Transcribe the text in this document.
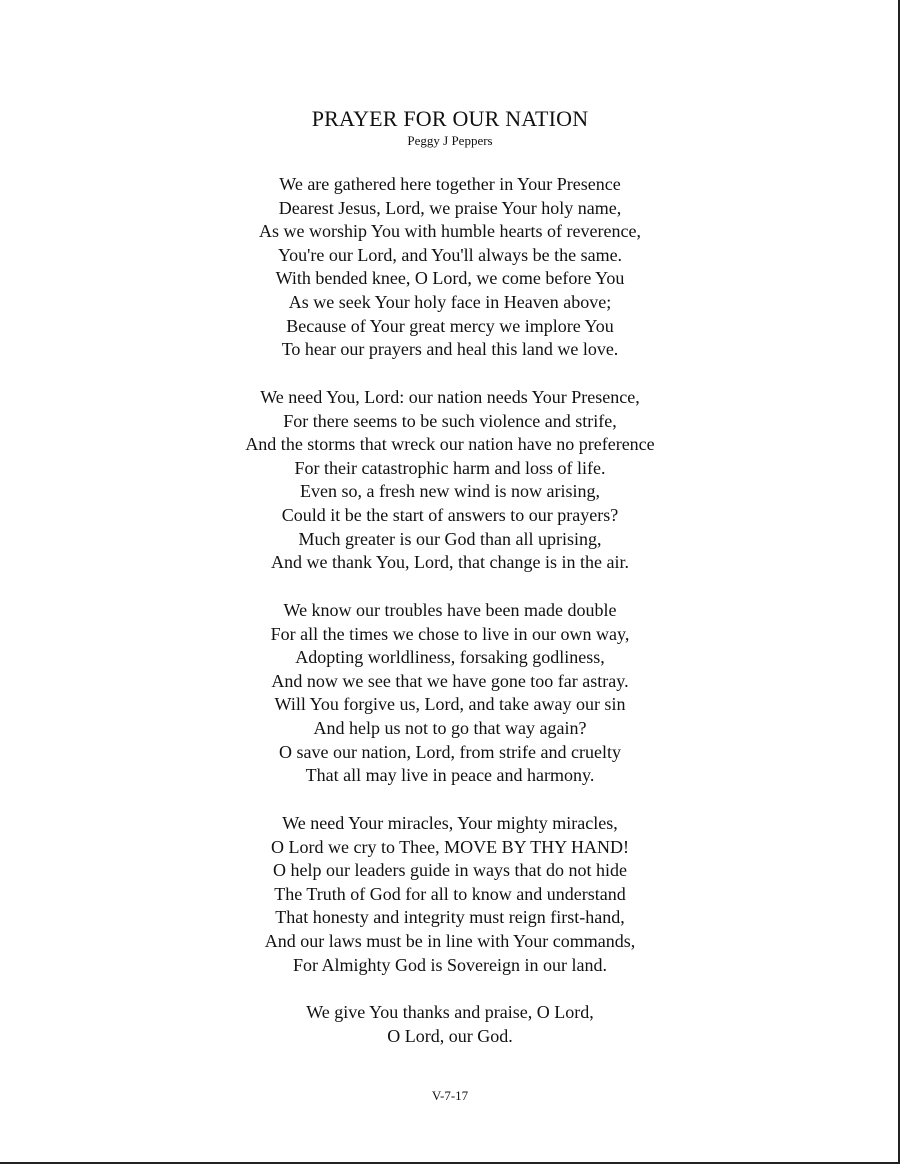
PRAYER FOR OUR NATION
Peggy J Peppers
We are gathered here together in Your Presence
Dearest Jesus, Lord, we praise Your holy name,
As we worship You with humble hearts of reverence,
You're our Lord, and You'll always be the same.
With bended knee, O Lord, we come before You
As we seek Your holy face in Heaven above;
Because of Your great mercy we implore You
To hear our prayers and heal this land we love.
We need You, Lord: our nation needs Your Presence,
For there seems to be such violence and strife,
And the storms that wreck our nation have no preference
For their catastrophic harm and loss of life.
Even so, a fresh new wind is now arising,
Could it be the start of answers to our prayers?
Much greater is our God than all uprising,
And we thank You, Lord, that change is in the air.
We know our troubles have been made double
For all the times we chose to live in our own way,
Adopting worldliness, forsaking godliness,
And now we see that we have gone too far astray.
Will You forgive us, Lord, and take away our sin
And help us not to go that way again?
O save our nation, Lord, from strife and cruelty
That all may live in peace and harmony.
We need Your miracles, Your mighty miracles,
O Lord we cry to Thee, MOVE BY THY HAND!
O help our leaders guide in ways that do not hide
The Truth of God for all to know and understand
That honesty and integrity must reign first-hand,
And our laws must be in line with Your commands,
For Almighty God is Sovereign in our land.
We give You thanks and praise, O Lord,
O Lord, our God.
V-7-17
